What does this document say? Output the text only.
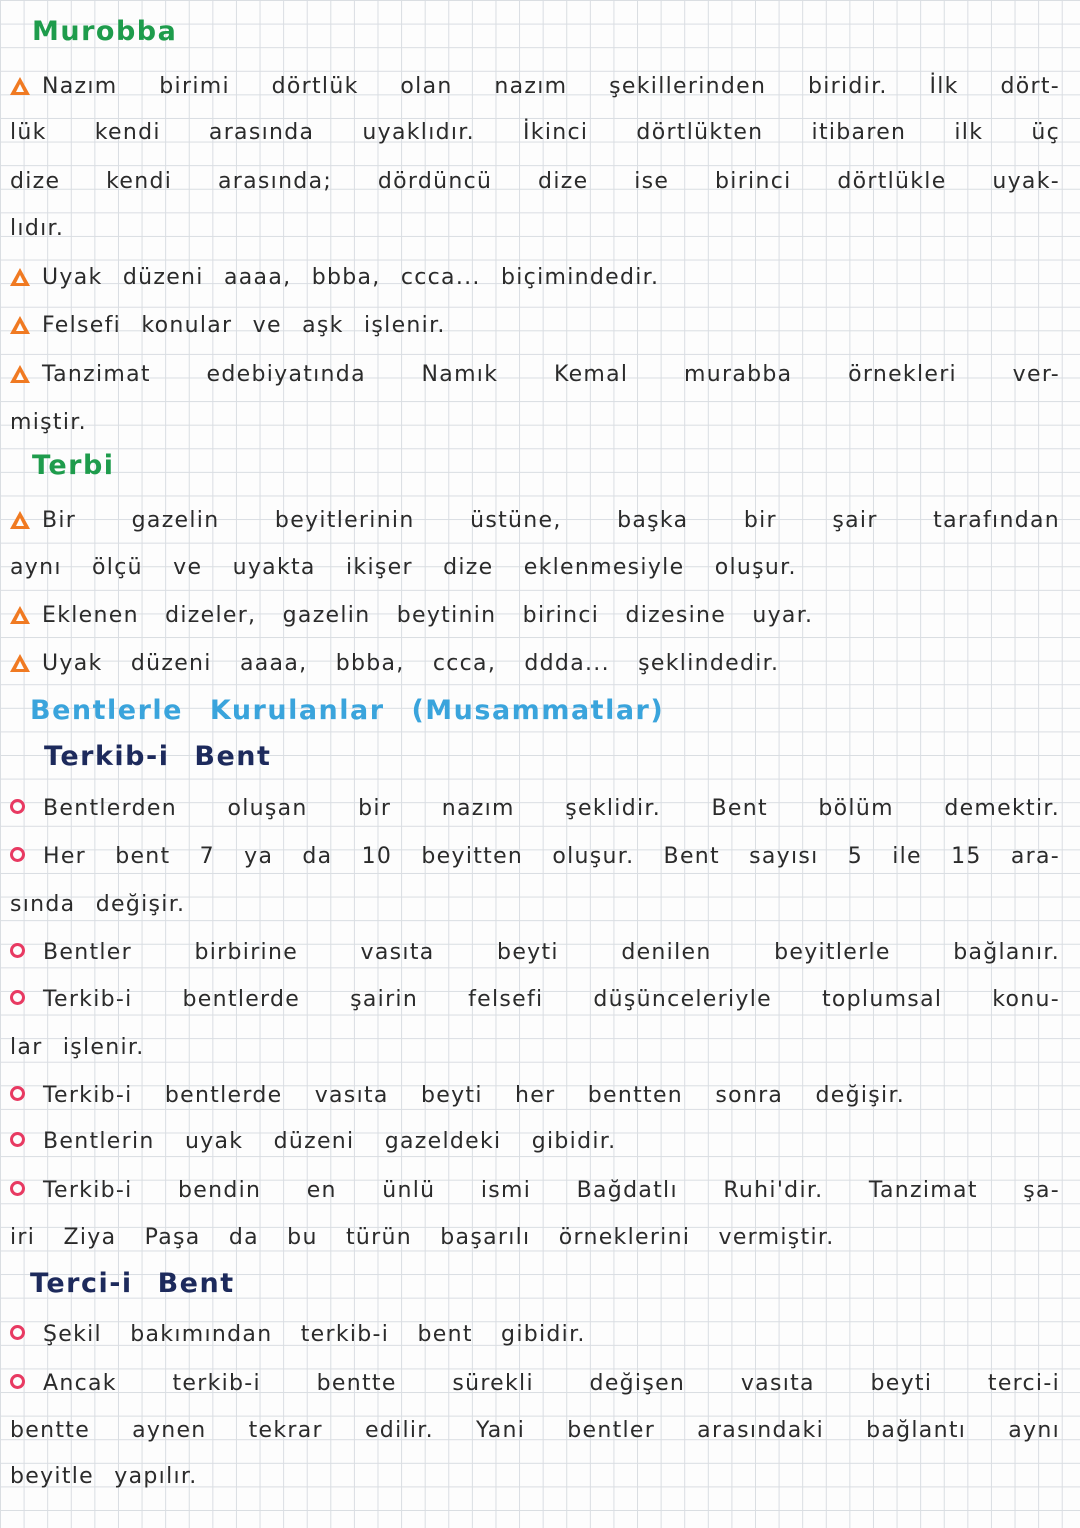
Murobba
Nazım birimi dörtlük olan nazım şekillerinden biridir. İlk dört-
lük kendi arasında uyaklıdır. İkinci dörtlükten itibaren ilk üç
dize kendi arasında; dördüncü dize ise birinci dörtlükle uyak-
lıdır.
Uyak düzeni aaaa, bbba, ccca... biçimindedir.
Felsefi konular ve aşk işlenir.
Tanzimat edebiyatında Namık Kemal murabba örnekleri ver-
miştir.
Terbi
Bir gazelin beyitlerinin üstüne, başka bir şair tarafından
aynı ölçü ve uyakta ikişer dize eklenmesiyle oluşur.
Eklenen dizeler, gazelin beytinin birinci dizesine uyar.
Uyak düzeni aaaa, bbba, ccca, ddda... şeklindedir.
Bentlerle Kurulanlar (Musammatlar)
Terkib-i Bent
Bentlerden oluşan bir nazım şeklidir. Bent bölüm demektir.
Her bent 7 ya da 10 beyitten oluşur. Bent sayısı 5 ile 15 ara-
sında değişir.
Bentler birbirine vasıta beyti denilen beyitlerle bağlanır.
Terkib-i bentlerde şairin felsefi düşünceleriyle toplumsal konu-
lar işlenir.
Terkib-i bentlerde vasıta beyti her bentten sonra değişir.
Bentlerin uyak düzeni gazeldeki gibidir.
Terkib-i bendin en ünlü ismi Bağdatlı Ruhi'dir. Tanzimat şa-
iri Ziya Paşa da bu türün başarılı örneklerini vermiştir.
Terci-i Bent
Şekil bakımından terkib-i bent gibidir.
Ancak terkib-i bentte sürekli değişen vasıta beyti terci-i
bentte aynen tekrar edilir. Yani bentler arasındaki bağlantı aynı
beyitle yapılır.
